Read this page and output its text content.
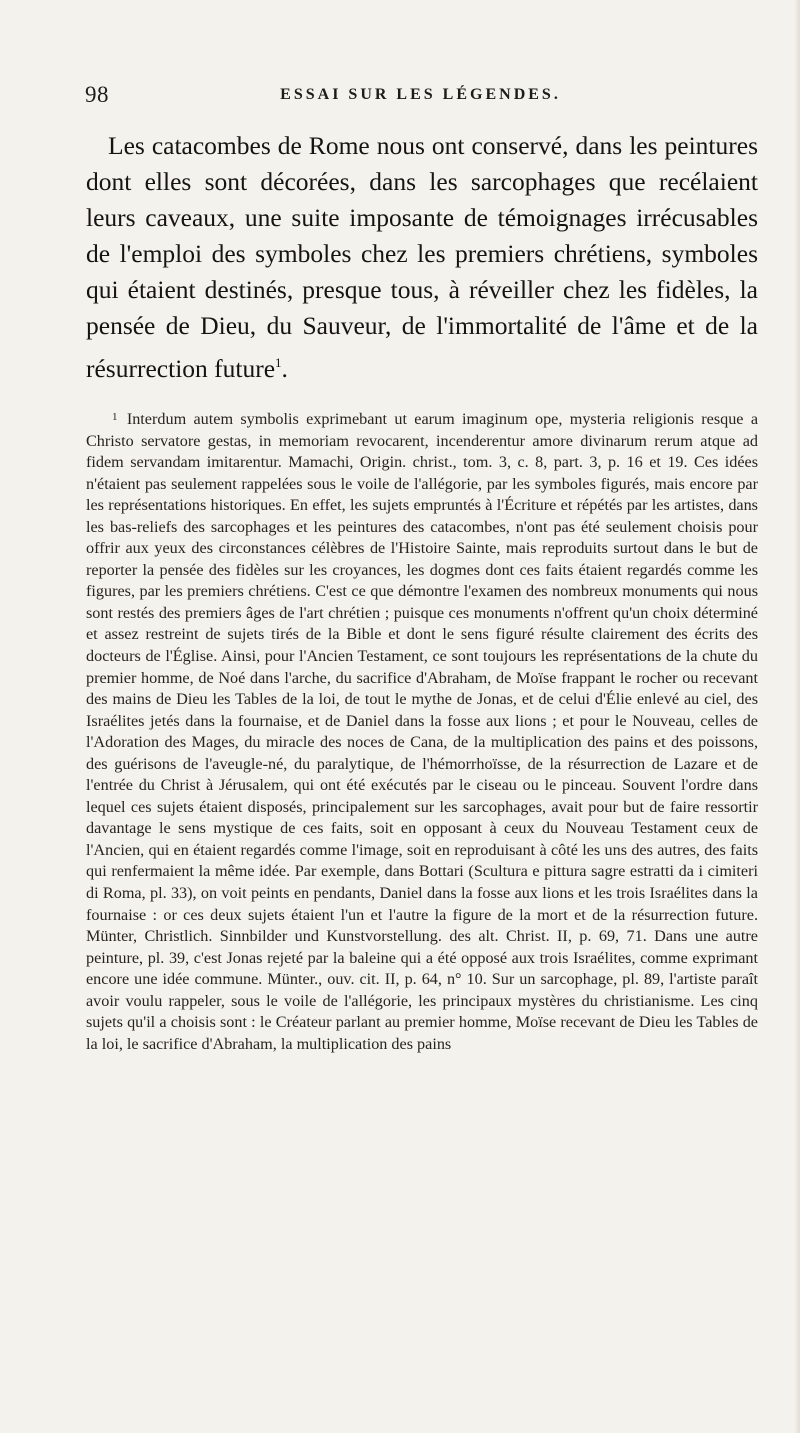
98	ESSAI SUR LES LÉGENDES.

Les catacombes de Rome nous ont conservé, dans les peintures dont elles sont décorées, dans les sarcophages que recélaient leurs caveaux, une suite imposante de témoignages irrécusables de l'emploi des symboles chez les premiers chrétiens, symboles qui étaient destinés, presque tous, à réveiller chez les fidèles, la pensée de Dieu, du Sauveur, de l'immortalité de l'âme et de la résurrection future$^1$.

$^1$ Interdum autem symbolis exprimebant ut earum imaginum ope, mysteria religionis resque a Christo servatore gestas, in memoriam revocarent, incenderentur amore divinarum rerum atque ad fidem servandam imitarentur. Mamachi, Origin. christ., tom. 3, c. 8, part. 3, p. 16 et 19. Ces idées n'étaient pas seulement rappelées sous le voile de l'allégorie, par les symboles figurés, mais encore par les représentations historiques. En effet, les sujets empruntés à l'Écriture et répétés par les artistes, dans les bas-reliefs des sarcophages et les peintures des catacombes, n'ont pas été seulement choisis pour offrir aux yeux des circonstances célèbres de l'Histoire Sainte, mais reproduits surtout dans le but de reporter la pensée des fidèles sur les croyances, les dogmes dont ces faits étaient regardés comme les figures, par les premiers chrétiens. C'est ce que démontre l'examen des nombreux monuments qui nous sont restés des premiers âges de l'art chrétien ; puisque ces monuments n'offrent qu'un choix déterminé et assez restreint de sujets tirés de la Bible et dont le sens figuré résulte clairement des écrits des docteurs de l'Église. Ainsi, pour l'Ancien Testament, ce sont toujours les représentations de la chute du premier homme, de Noé dans l'arche, du sacrifice d'Abraham, de Moïse frappant le rocher ou recevant des mains de Dieu les Tables de la loi, de tout le mythe de Jonas, et de celui d'Élie enlevé au ciel, des Israélites jetés dans la fournaise, et de Daniel dans la fosse aux lions ; et pour le Nouveau, celles de l'Adoration des Mages, du miracle des noces de Cana, de la multiplication des pains et des poissons, des guérisons de l'aveugle-né, du paralytique, de l'hémorrhoïsse, de la résurrection de Lazare et de l'entrée du Christ à Jérusalem, qui ont été exécutés par le ciseau ou le pinceau. Souvent l'ordre dans lequel ces sujets étaient disposés, principalement sur les sarcophages, avait pour but de faire ressortir davantage le sens mystique de ces faits, soit en opposant à ceux du Nouveau Testament ceux de l'Ancien, qui en étaient regardés comme l'image, soit en reproduisant à côté les uns des autres, des faits qui renfermaient la même idée. Par exemple, dans Bottari (Scultura e pittura sagre estratti da i cimiteri di Roma, pl. 33), on voit peints en pendants, Daniel dans la fosse aux lions et les trois Israélites dans la fournaise : or ces deux sujets étaient l'un et l'autre la figure de la mort et de la résurrection future. Münter, Christlich. Sinnbilder und Kunstvorstellung. des alt. Christ. II, p. 69, 71. Dans une autre peinture, pl. 39, c'est Jonas rejeté par la baleine qui a été opposé aux trois Israélites, comme exprimant encore une idée commune. Münter., ouv. cit. II, p. 64, n° 10. Sur un sarcophage, pl. 89, l'artiste paraît avoir voulu rappeler, sous le voile de l'allégorie, les principaux mystères du christianisme. Les cinq sujets qu'il a choisis sont : le Créateur parlant au premier homme, Moïse recevant de Dieu les Tables de la loi, le sacrifice d'Abraham, la multiplication des pains
